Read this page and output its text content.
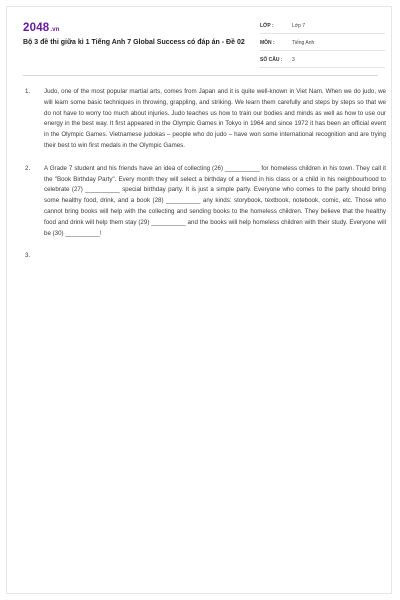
2048.vn
Bộ 3 đề thi giữa kì 1 Tiếng Anh 7 Global Success có đáp án - Đề 02
LỚP :	Lớp 7
MÔN :	Tiếng Anh
SỐ CÂU : 3
1. Judo, one of the most popular martial arts, comes from Japan and it is quite well-known in Viet Nam. When we do judo, we will learn some basic techniques in throwing, grappling, and striking. We learn them carefully and steps by steps so that we do not have to worry too much about injuries. Judo teaches us how to train our bodies and minds as well as how to use our energy in the best way. It first appeared in the Olympic Games in Tokyo in 1964 and since 1972 it has been an official event in the Olympic Games. Vietnamese judokas – people who do judo – have won some international recognition and are trying their best to win first medals in the Olympic Games.
2. A Grade 7 student and his friends have an idea of collecting (26) __________ for homeless children in his town. They call it the "Book Birthday Party". Every month they will select a birthday of a friend in his class or a child in his neighbourhood to celebrate (27) __________ special birthday party. It is just a simple party. Everyone who comes to the party should bring some healthy food, drink, and a book (28) __________ any kinds: storybook, textbook, notebook, comic, etc. Those who cannot bring books will help with the collecting and sending books to the homeless children. They believe that the healthy food and drink will help them stay (29) __________ and the books will help homeless children with their study. Everyone will be (30) __________!
3.
